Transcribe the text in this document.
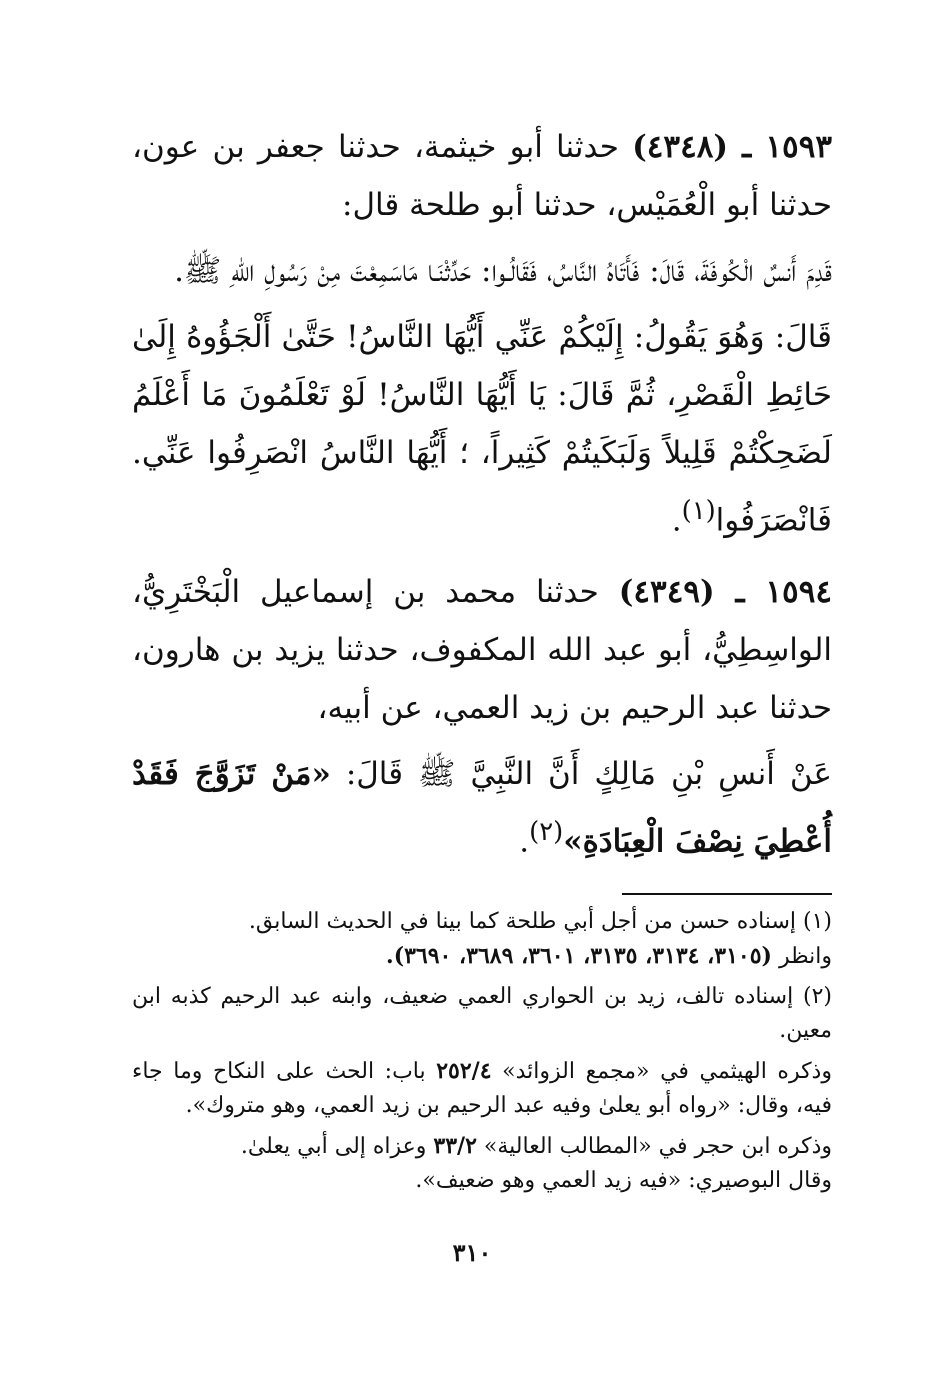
١٥٩٣ ـ (٤٣٤٨) حدثنا أبو خيثمة، حدثنا جعفر بن عون، حدثنا أبو الْعُمَيْس، حدثنا أبو طلحة قال:

قَدِمَ أَنسٌ الْكُوفَةَ، قَالَ: فَأَتَاهُ النَّاسُ، فَقَالُـوا: حَدِّثْنَـا مَاسَمِعْتَ مِنْ رَسُولِ اللهِ ﷺ.

قَالَ: وَهُوَ يَقُولُ: إِلَيْكُمْ عَنِّي أَيُّهَا النَّاسُ! حَتَّىٰ أَلْجَؤُوهُ إِلَىٰ حَائِطِ الْقَصْرِ، ثُمَّ قَالَ: يَا أَيُّهَا النَّاسُ! لَوْ تَعْلَمُونَ مَا أَعْلَمُ لَضَحِكْتُمْ قَلِيلاً وَلَبَكَيتُمْ كَثِيراً، ؛ أَيُّهَا النَّاسُ انْصَرِفُوا عَنِّي. فَانْصَرَفُوا$^{(١)}$.

١٥٩٤ ـ (٤٣٤٩) حدثنا محمد بن إسماعيل الْبَخْتَرِيُّ، الواسِطِيُّ، أبو عبد الله المكفوف، حدثنا يزيد بن هارون، حدثنا عبد الرحيم بن زيد العمي، عن أبيه،

عَنْ أَنسِ بْنِ مَالِكٍ أَنَّ النَّبِيَّ ﷺ قَالَ: «مَنْ تَزَوَّجَ فَقَدْ أُعْطِيَ نِصْفَ الْعِبَادَةِ»$^{(٢)}$.

(١) إسناده حسن من أجل أبي طلحة كما بينا في الحديث السابق.
وانظر (٣١٠٥، ٣١٣٤، ٣١٣٥، ٣٦٠١، ٣٦٨٩، ٣٦٩٠).

(٢) إسناده تالف، زيد بن الحواري العمي ضعيف، وابنه عبد الرحيم كذبه ابن معين.

وذكره الهيثمي في «مجمع الزوائد» ٢٥٢/٤ باب: الحث على النكاح وما جاء فيه، وقال: «رواه أبو يعلىٰ وفيه عبد الرحيم بن زيد العمي، وهو متروك».

وذكره ابن حجر في «المطالب العالية» ٣٣/٢ وعزاه إلى أبي يعلىٰ.
وقال البوصيري: «فيه زيد العمي وهو ضعيف».

٣١٠
